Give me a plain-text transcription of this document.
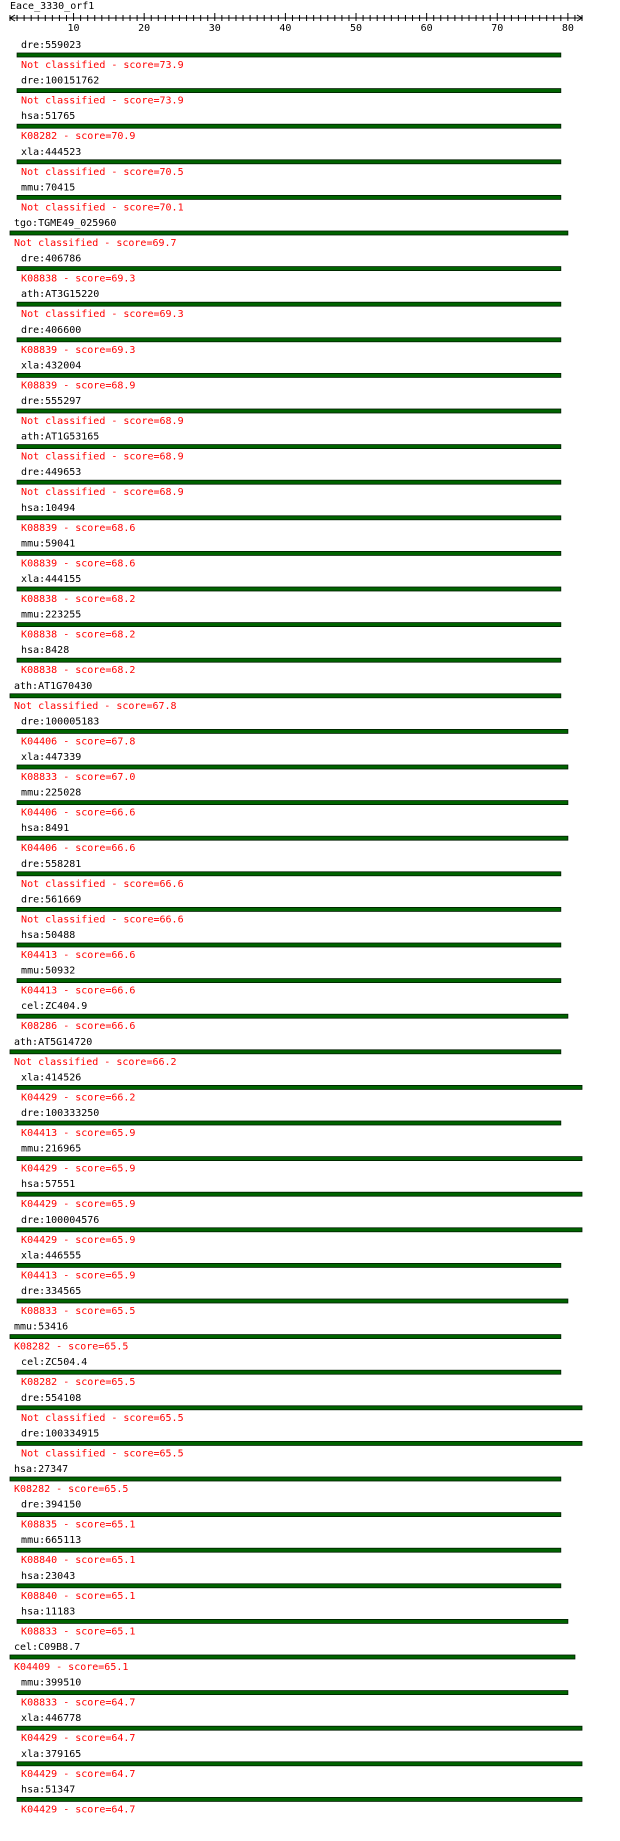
Eace_3330_orf1
10	20	30	40	50	60	70	80
dre:559023
Not classified - score=73.9
dre:100151762
Not classified - score=73.9
hsa:51765
K08282 - score=70.9
xla:444523
Not classified - score=70.5
mmu:70415
Not classified - score=70.1
tgo:TGME49_025960
Not classified - score=69.7
dre:406786
K08838 - score=69.3
ath:AT3G15220
Not classified - score=69.3
dre:406600
K08839 - score=69.3
xla:432004
K08839 - score=68.9
dre:555297
Not classified - score=68.9
ath:AT1G53165
Not classified - score=68.9
dre:449653
Not classified - score=68.9
hsa:10494
K08839 - score=68.6
mmu:59041
K08839 - score=68.6
xla:444155
K08838 - score=68.2
mmu:223255
K08838 - score=68.2
hsa:8428
K08838 - score=68.2
ath:AT1G70430
Not classified - score=67.8
dre:100005183
K04406 - score=67.8
xla:447339
K08833 - score=67.0
mmu:225028
K04406 - score=66.6
hsa:8491
K04406 - score=66.6
dre:558281
Not classified - score=66.6
dre:561669
Not classified - score=66.6
hsa:50488
K04413 - score=66.6
mmu:50932
K04413 - score=66.6
cel:ZC404.9
K08286 - score=66.6
ath:AT5G14720
Not classified - score=66.2
xla:414526
K04429 - score=66.2
dre:100333250
K04413 - score=65.9
mmu:216965
K04429 - score=65.9
hsa:57551
K04429 - score=65.9
dre:100004576
K04429 - score=65.9
xla:446555
K04413 - score=65.9
dre:334565
K08833 - score=65.5
mmu:53416
K08282 - score=65.5
cel:ZC504.4
K08282 - score=65.5
dre:554108
Not classified - score=65.5
dre:100334915
Not classified - score=65.5
hsa:27347
K08282 - score=65.5
dre:394150
K08835 - score=65.1
mmu:665113
K08840 - score=65.1
hsa:23043
K08840 - score=65.1
hsa:11183
K08833 - score=65.1
cel:C09B8.7
K04409 - score=65.1
mmu:399510
K08833 - score=64.7
xla:446778
K04429 - score=64.7
xla:379165
K04429 - score=64.7
hsa:51347
K04429 - score=64.7
